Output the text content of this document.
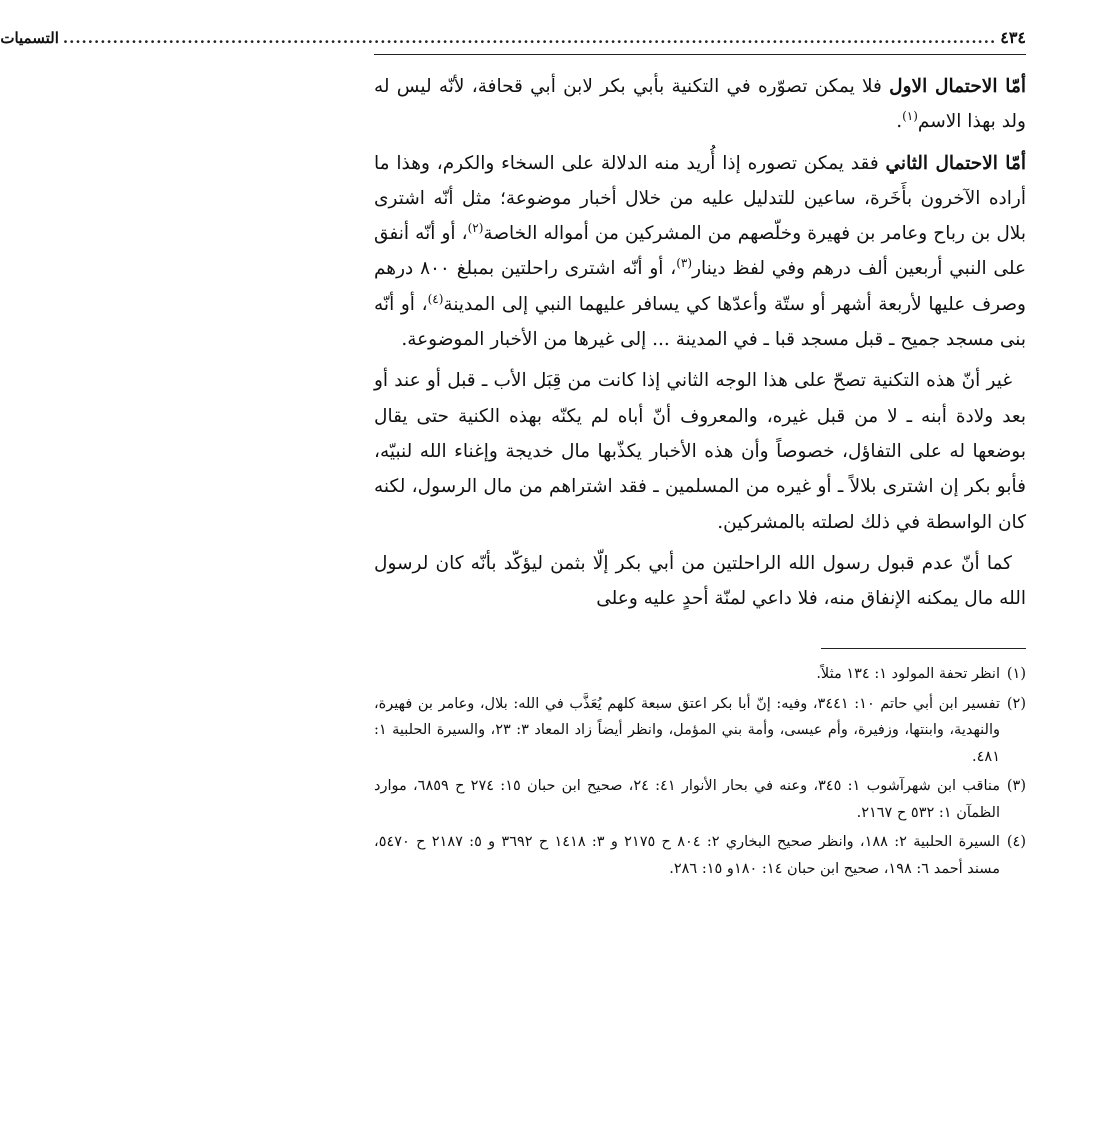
٤٣٤
......................................................................................................................................................
التسميات

أمّا الاحتمال الاول فلا يمكن تصوّره في التكنية بأبي بكر لابن أبي قحافة، لأنّه ليس له ولد بهذا الاسم$^{(١)}$.

أمّا الاحتمال الثاني فقد يمكن تصوره إذا أُريد منه الدلالة على السخاء والكرم، وهذا ما أراده الآخرون بأَخَرة، ساعين للتدليل عليه من خلال أخبار موضوعة؛ مثل أنّه اشترى بلال بن رباح وعامر بن فهيرة وخلّصهم من المشركين من أمواله الخاصة$^{(٢)}$، أو أنّه أنفق على النبي أربعين ألف درهم وفي لفظ دينار$^{(٣)}$، أو أنّه اشترى راحلتين بمبلغ ٨٠٠ درهم وصرف عليها لأربعة أشهر أو ستّة وأعدّها كي يسافر عليهما النبي إلى المدينة$^{(٤)}$، أو أنّه بنى مسجد جميح ـ قبل مسجد قبا ـ في المدينة ... إلى غيرها من الأخبار الموضوعة.

غير أنّ هذه التكنية تصحّ على هذا الوجه الثاني إذا كانت من قِبَل الأب ـ قبل أو عند أو بعد ولادة أبنه ـ لا من قبل غيره، والمعروف أنّ أباه لم يكنّه بهذه الكنية حتى يقال بوضعها له على التفاؤل، خصوصاً وأن هذه الأخبار يكذّبها مال خديجة وإغناء الله لنبيّه، فأبو بكر إن اشترى بلالاً ـ أو غيره من المسلمين ـ فقد اشتراهم من مال الرسول، لكنه كان الواسطة في ذلك لصلته بالمشركين.

كما أنّ عدم قبول رسول الله الراحلتين من أبي بكر إلّا بثمن ليؤكّد بأنّه كان لرسول الله مال يمكنه الإنفاق منه، فلا داعي لمنّة أحدٍ عليه وعلى

(١)
انظر تحفة المولود ١: ١٣٤ مثلاً.
(٢)
تفسير ابن أبي حاتم ١٠: ٣٤٤١، وفيه: إنّ أبا بكر اعتق سبعة كلهم يُعَذَّب في الله: بلال، وعامر بن فهيرة، والنهدية، وابنتها، وزفيرة، وأم عيسى، وأمة بني المؤمل، وانظر أيضاً زاد المعاد ٣: ٢٣، والسيرة الحلبية ١: ٤٨١.
(٣)
مناقب ابن شهرآشوب ١: ٣٤٥، وعنه في بحار الأنوار ٤١: ٢٤، صحيح ابن حبان ١٥: ٢٧٤ ح ٦٨٥٩، موارد الظمآن ١: ٥٣٢ ح ٢١٦٧.
(٤)
السيرة الحلبية ٢: ١٨٨، وانظر صحيح البخاري ٢: ٨٠٤ ح ٢١٧٥ و ٣: ١٤١٨ ح ٣٦٩٢ و ٥: ٢١٨٧ ح ٥٤٧٠، مسند أحمد ٦: ١٩٨، صحيح ابن حبان ١٤: ١٨٠و ١٥: ٢٨٦.
